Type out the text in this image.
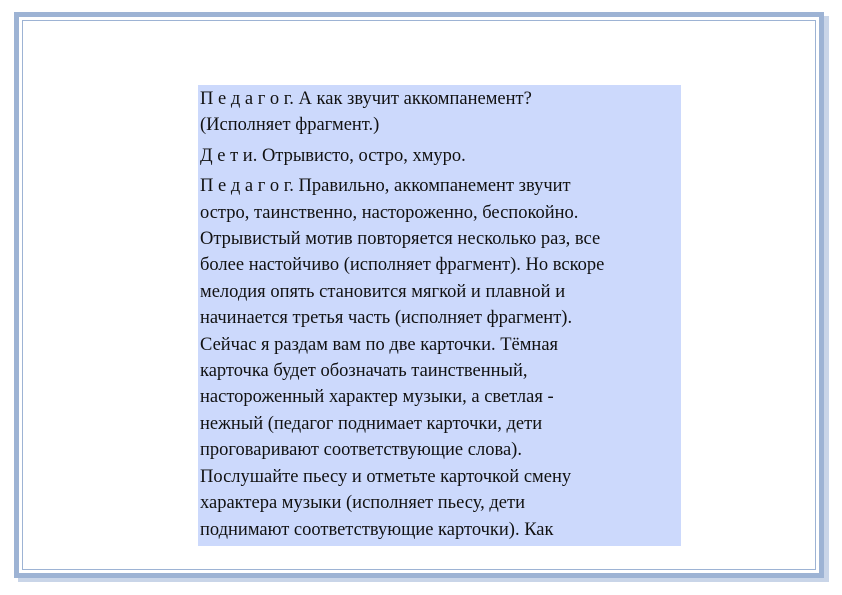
П е д а г о г. А как звучит аккомпанемент?
(Исполняет фрагмент.)

Д е т и. Отрывисто, остро, хмуро.

П е д а г о г. Правильно, аккомпанемент звучит
остро, таинственно, настороженно, беспокойно.
Отрывистый мотив повторяется несколько раз, все
более настойчиво (исполняет фрагмент). Но вскоре
мелодия опять становится мягкой и плавной и
начинается третья часть (исполняет фрагмент).
Сейчас я раздам вам по две карточки. Тёмная
карточка будет обозначать таинственный,
настороженный характер музыки, а светлая -
нежный (педагог поднимает карточки, дети
проговаривают соответствующие слова).
Послушайте пьесу и отметьте карточкой смену
характера музыки (исполняет пьесу, дети
поднимают соответствующие карточки). Как
